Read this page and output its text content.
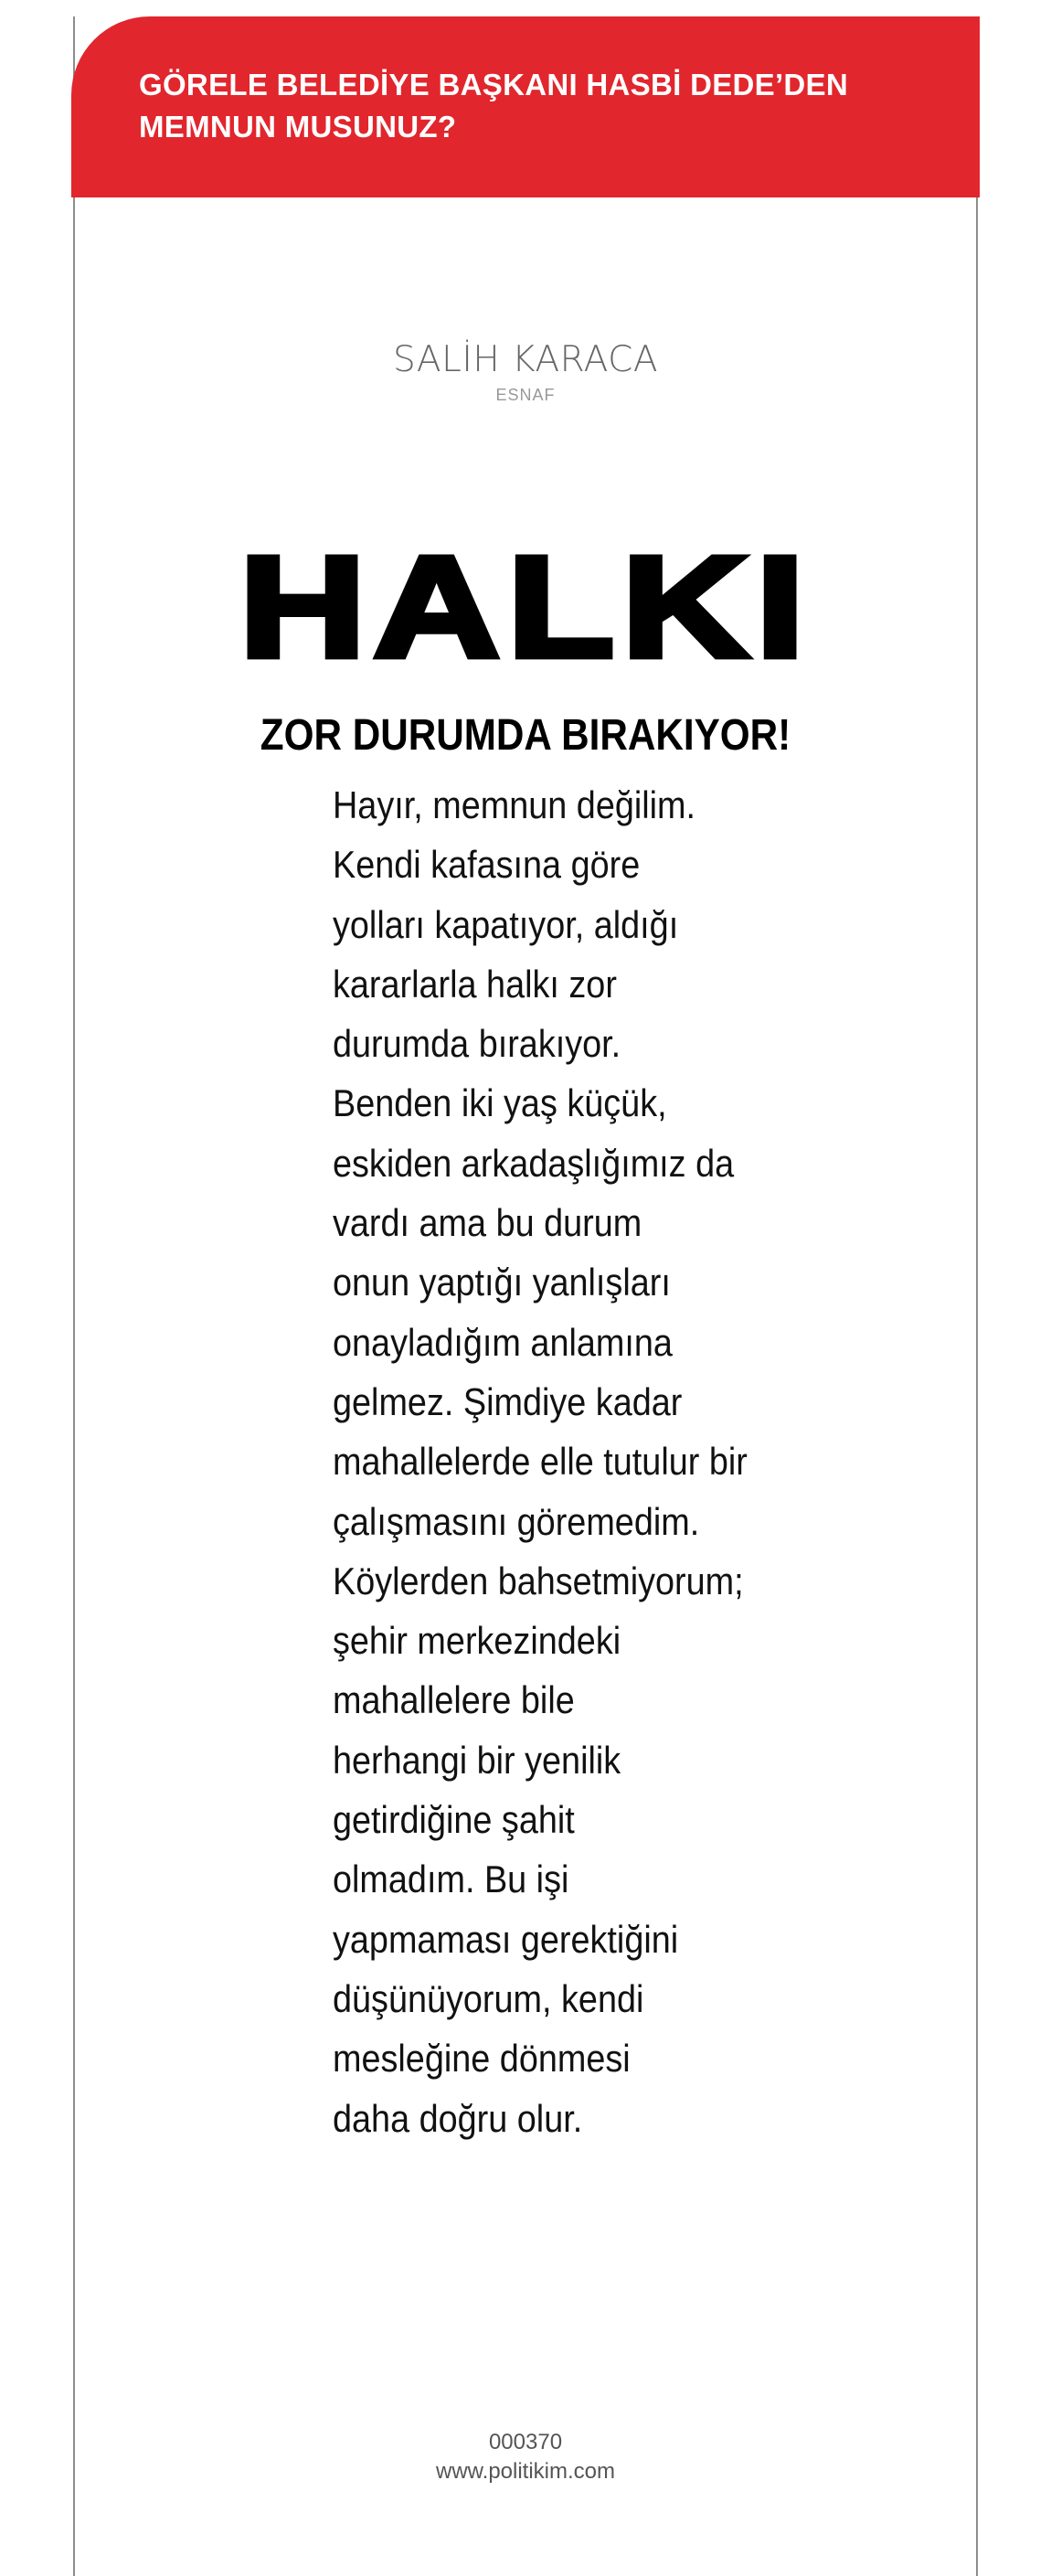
GÖRELE BELEDİYE BAŞKANI HASBİ DEDE’DEN
MEMNUN MUSUNUZ?
SALİH KARACA
ESNAF
HALKI
ZOR DURUMDA BIRAKIYOR!
Hayır, memnun değilim.
Kendi kafasına göre
yolları kapatıyor, aldığı
kararlarla halkı zor
durumda bırakıyor.
Benden iki yaş küçük,
eskiden arkadaşlığımız da
vardı ama bu durum
onun yaptığı yanlışları
onayladığım anlamına
gelmez. Şimdiye kadar
mahallelerde elle tutulur bir
çalışmasını göremedim.
Köylerden bahsetmiyorum;
şehir merkezindeki
mahallelere bile
herhangi bir yenilik
getirdiğine şahit
olmadım. Bu işi
yapmaması gerektiğini
düşünüyorum, kendi
mesleğine dönmesi
daha doğru olur.
000370
www.politikim.com
